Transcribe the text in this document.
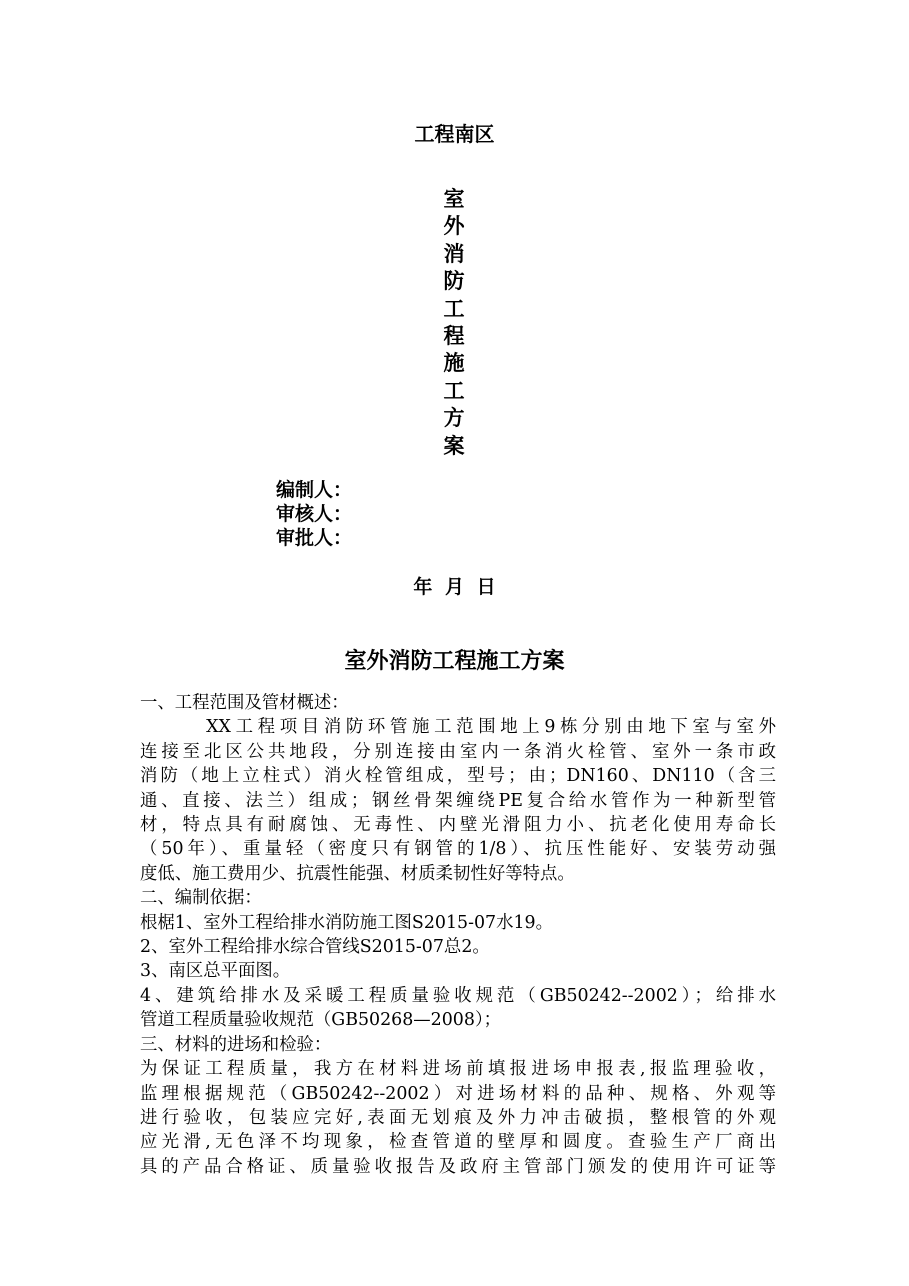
工程南区
室
外
消
防
工
程
施
工
方
案
编制人：
审核人：
审批人：
年 月 日
室外消防工程施工方案

一、工程范围及管材概述：

　　　XX工程项目消防环管施工范围地上9栋分别由地下室与室外

连接至北区公共地段，分别连接由室内一条消火栓管、室外一条市政

消防（地上立柱式）消火栓管组成，型号；由；DN160、DN110（含三

通、直接、法兰）组成；钢丝骨架缠绕PE复合给水管作为一种新型管

材，特点具有耐腐蚀、无毒性、内壁光滑阻力小、抗老化使用寿命长

（50年）、重量轻（密度只有钢管的1/8）、抗压性能好、安装劳动强

度低、施工费用少、抗震性能强、材质柔韧性好等特点。

二、编制依据：

根椐1、室外工程给排水消防施工图S2015-07水19。

2、室外工程给排水综合管线S2015-07总2。

3、南区总平面图。

4、建筑给排水及采暖工程质量验收规范（GB50242--2002）；给排水

管道工程质量验收规范（GB50268—2008）；

三、材料的进场和检验：

为保证工程质量，我方在材料进场前填报进场申报表,报监理验收，

监理根据规范（GB50242--2002）对进场材料的品种、规格、外观等

进行验收，包装应完好,表面无划痕及外力冲击破损，整根管的外观

应光滑,无色泽不均现象，检查管道的壁厚和圆度。查验生产厂商出

具的产品合格证、质量验收报告及政府主管部门颁发的使用许可证等
